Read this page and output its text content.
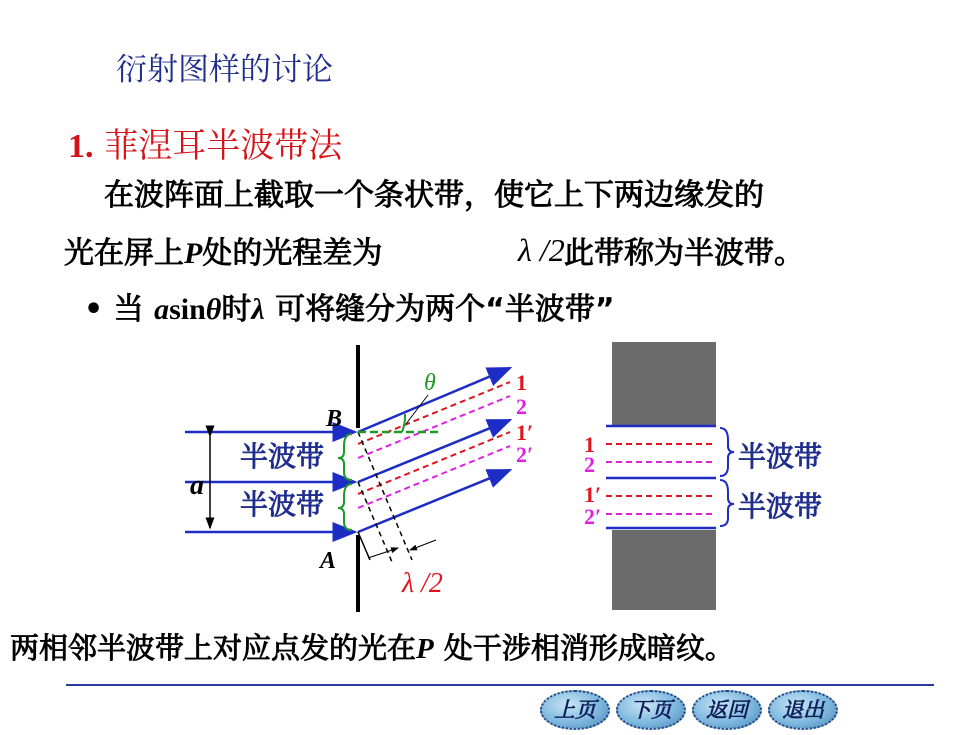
衍射图样的讨论
1. 菲涅耳半波带法
在波阵面上截取一个条状带，使它上下两边缘发的
光在屏上P处的光程差为	λ /2 此带称为半波带。
• 当 asinθ时λ 可将缝分为两个“半波带”
a
半波带
半波带
B
A
θ
λ /2
1
2
1′
2′ 1
2
1′
2′
半波带
半波带
两相邻半波带上对应点发的光在P 处干涉相消形成暗纹。
上页	下页	返回	退出
